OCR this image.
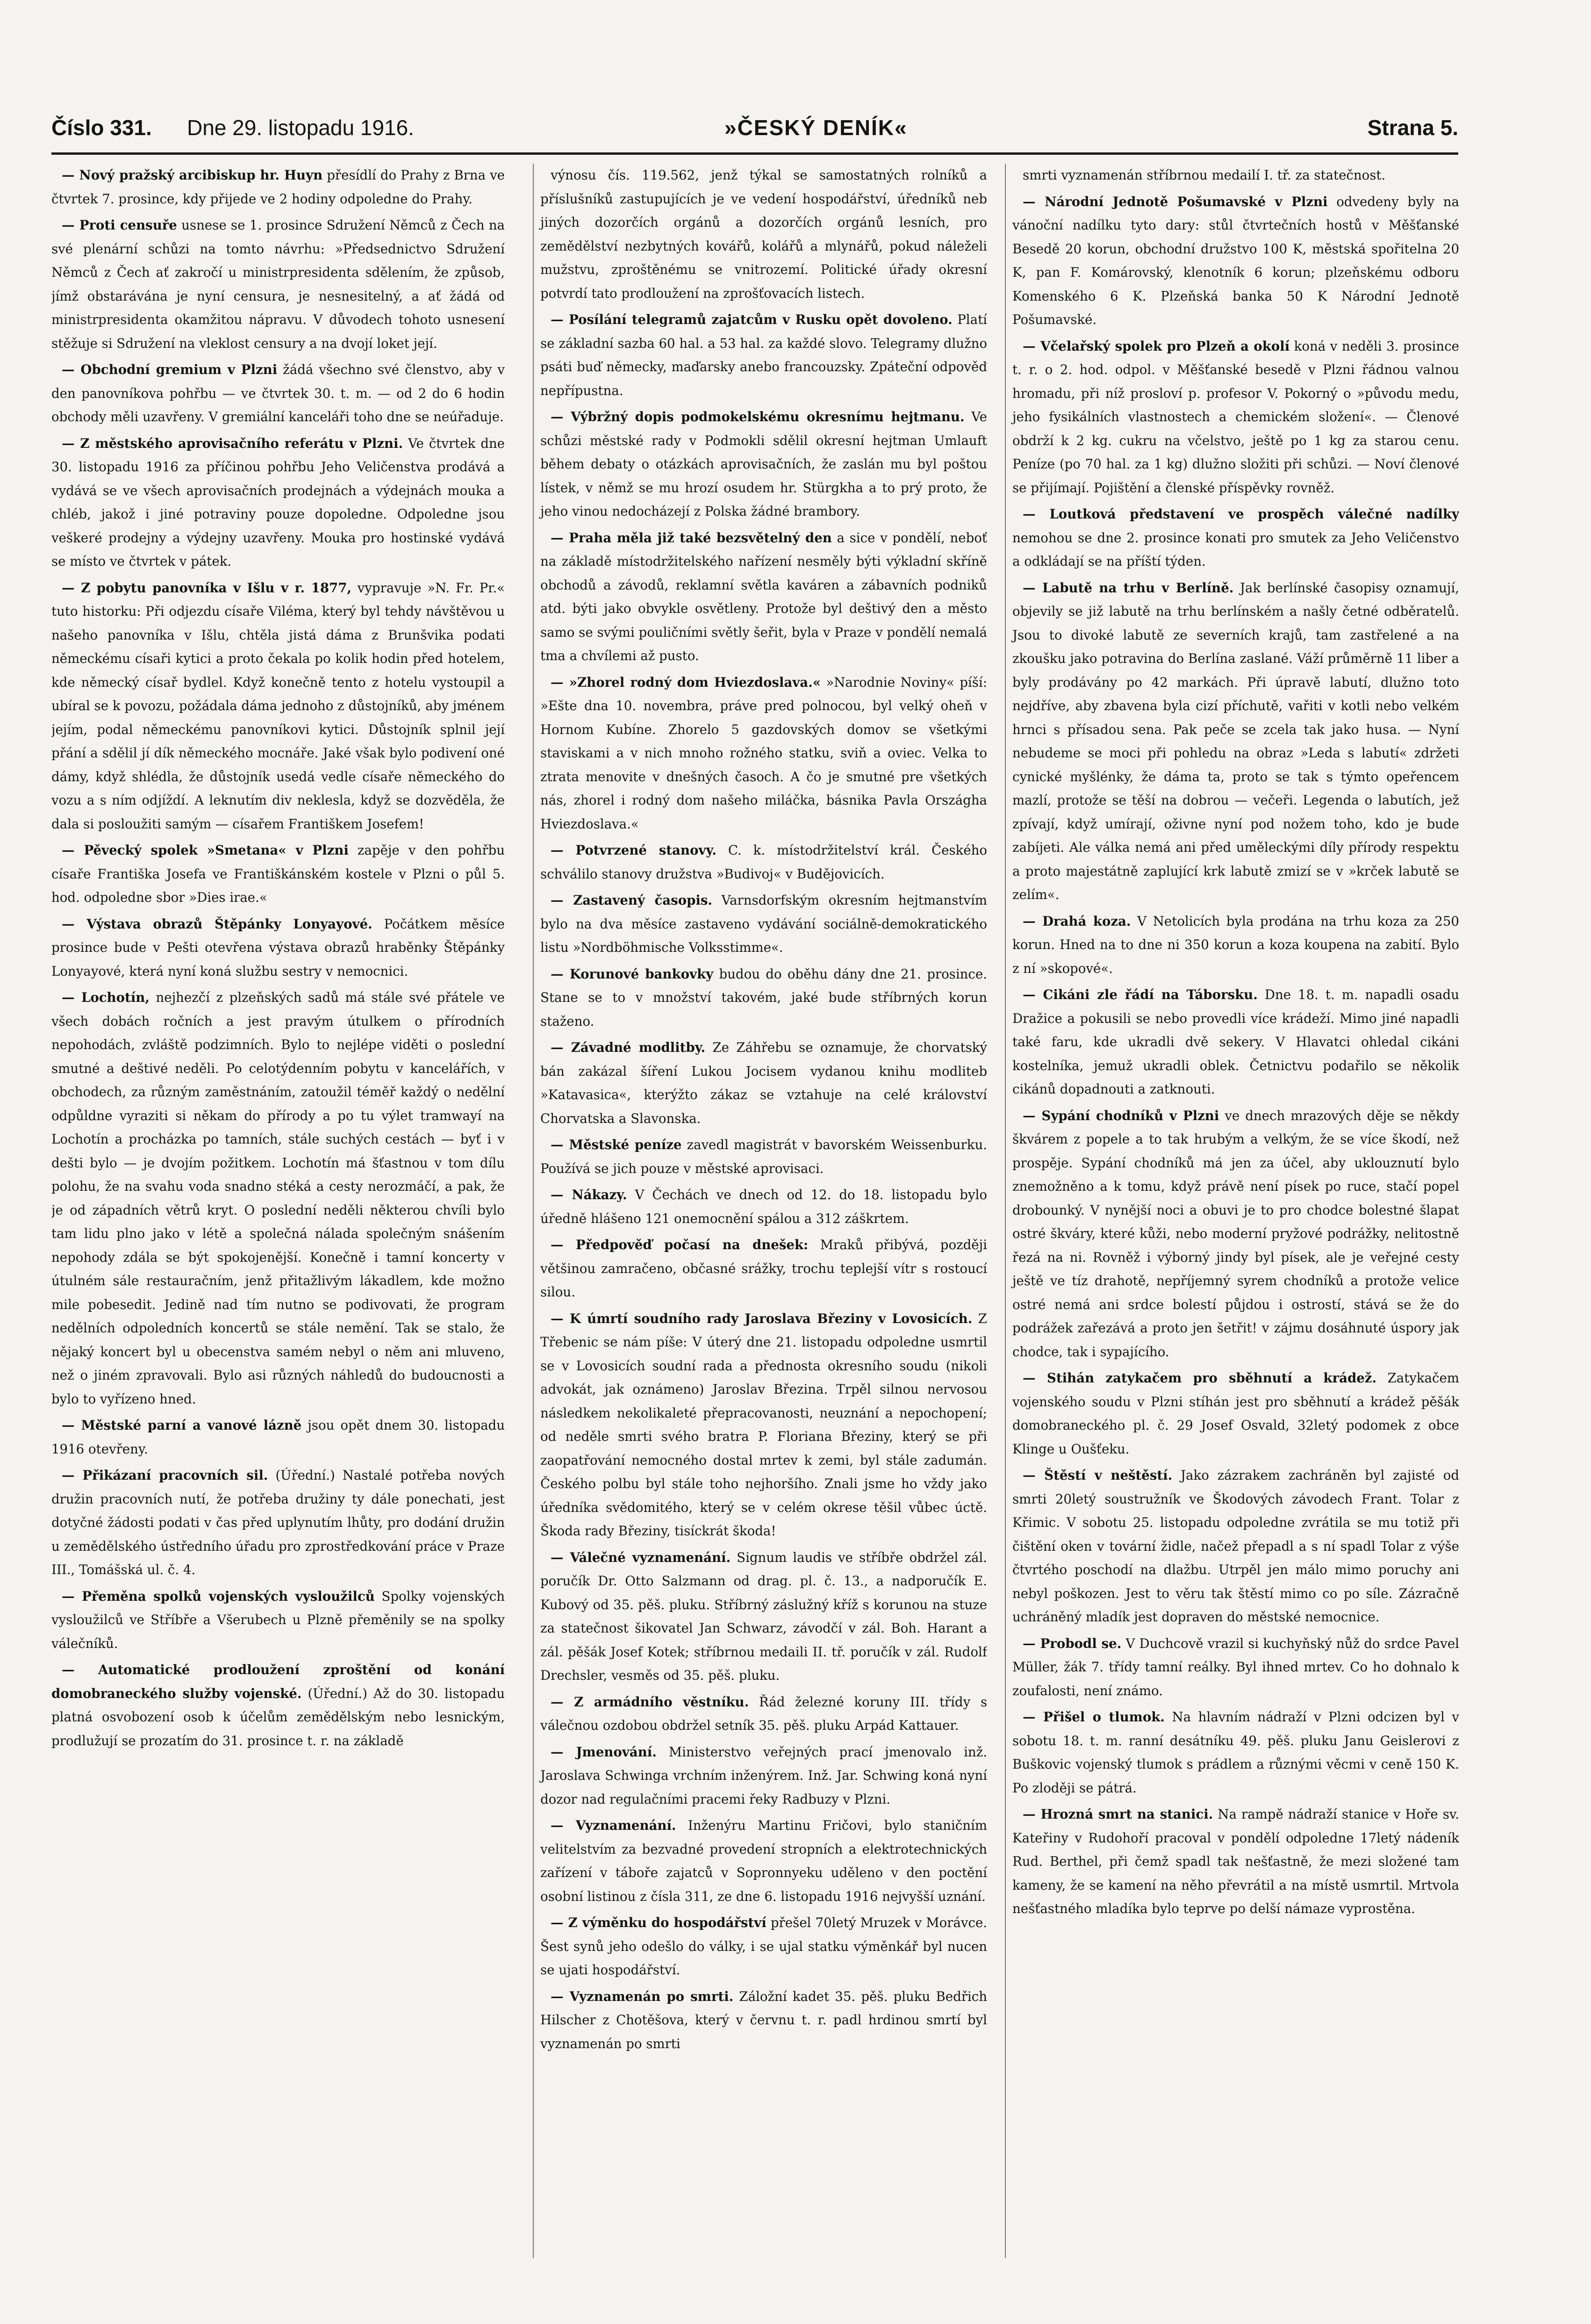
Číslo 331. Dne 29. listopadu 1916.	»ČESKÝ DENÍK«	Strana 5.

— Nový pražský arcibiskup hr. Huyn přesídlí do Prahy z Brna ve čtvrtek 7. prosince, kdy přijede ve 2 hodiny odpoledne do Prahy.

— Proti censuře usnese se 1. prosince Sdružení Němců z Čech na své plenární schůzi na tomto návrhu: »Předsednictvo Sdružení Němců z Čech ať zakročí u ministrpresidenta sdělením, že způsob, jímž obstarávána je nyní censura, je nesnesitelný, a ať žádá od ministrpresidenta okamžitou nápravu. V důvodech tohoto usnesení stěžuje si Sdružení na vleklost censury a na dvojí loket její.

— Obchodní gremium v Plzni žádá všechno své členstvo, aby v den panovníkova pohřbu — ve čtvrtek 30. t. m. — od 2 do 6 hodin obchody měli uzavřeny. V gremiální kanceláři toho dne se neúřaduje.

— Z městského aprovisačního referátu v Plzni. Ve čtvrtek dne 30. listopadu 1916 za příčinou pohřbu Jeho Veličenstva prodává a vydává se ve všech aprovisačních prodejnách a výdejnách mouka a chléb, jakož i jiné potraviny pouze dopoledne. Odpoledne jsou veškeré prodejny a výdejny uzavřeny. Mouka pro hostinské vydává se místo ve čtvrtek v pátek.

— Z pobytu panovníka v Išlu v r. 1877, vypravuje »N. Fr. Pr.« tuto historku: Při odjezdu císaře Viléma, který byl tehdy návštěvou u našeho panovníka v Išlu, chtěla jistá dáma z Brunšvika podati německému císaři kytici a proto čekala po kolik hodin před hotelem, kde německý císař bydlel. Když konečně tento z hotelu vystoupil a ubíral se k povozu, požádala dáma jednoho z důstojníků, aby jménem jejím, podal německému panovníkovi kytici. Důstojník splnil její přání a sdělil jí dík německého mocnáře. Jaké však bylo podivení oné dámy, když shlédla, že důstojník usedá vedle císaře německého do vozu a s ním odjíždí. A leknutím div neklesla, když se dozvěděla, že dala si posloužiti samým — císařem Františkem Josefem!

— Pěvecký spolek »Smetana« v Plzni zapěje v den pohřbu císaře Františka Josefa ve Františkánském kostele v Plzni o půl 5. hod. odpoledne sbor »Dies irae.«

— Výstava obrazů Štěpánky Lonyayové. Počátkem měsíce prosince bude v Pešti otevřena výstava obrazů hraběnky Štěpánky Lonyayové, která nyní koná službu sestry v nemocnici.

— Lochotín, nejhezčí z plzeňských sadů má stále své přátele ve všech dobách ročních a jest pravým útulkem o přírodních nepohodách, zvláště podzimních. Bylo to nejlépe viděti o poslední smutné a deštivé neděli. Po celotýdenním pobytu v kancelářích, v obchodech, za různým zaměstnáním, zatoužil téměř každý o nedělní odpůldne vyraziti si někam do přírody a po tu výlet tramwayí na Lochotín a procházka po tamních, stále suchých cestách — byť i v dešti bylo — je dvojím požitkem. Lochotín má šťastnou v tom dílu polohu, že na svahu voda snadno stéká a cesty nerozmáčí, a pak, že je od západních větrů kryt. O poslední neděli některou chvíli bylo tam lidu plno jako v létě a společná nálada společným snášením nepohody zdála se být spokojenější. Konečně i tamní koncerty v útulném sále restauračním, jenž přitažlivým lákadlem, kde možno mile pobesedit. Jedině nad tím nutno se podivovati, že program nedělních odpoledních koncertů se stále nemění. Tak se stalo, že nějaký koncert byl u obecenstva samém nebyl o něm ani mluveno, než o jiném zpravovali. Bylo asi různých náhledů do budoucnosti a bylo to vyřízeno hned.

— Městské parní a vanové lázně jsou opět dnem 30. listopadu 1916 otevřeny.

— Přikázaní pracovních sil. (Úřední.) Nastalé potřeba nových družin pracovních nutí, že potřeba družiny ty dále ponechati, jest dotyčné žádosti podati v čas před uplynutím lhůty, pro dodání družin u zemědělského ústředního úřadu pro zprostředkování práce v Praze III., Tomášská ul. č. 4.

— Přeměna spolků vojenských vysloužilců Spolky vojenských vysloužilců ve Stříbře a Všerubech u Plzně přeměnily se na spolky válečníků.

— Automatické prodloužení zproštění od konání domobraneckého služby vojenské. (Úřední.) Až do 30. listopadu platná osvobození osob k účelům zemědělským nebo lesnickým, prodlužují se prozatím do 31. prosince t. r. na základě

výnosu čís. 119.562, jenž týkal se samostatných rolníků a příslušníků zastupujících je ve vedení hospodářství, úředníků neb jiných dozorčích orgánů a dozorčích orgánů lesních, pro zemědělství nezbytných kovářů, kolářů a mlynářů, pokud náleželi mužstvu, zproštěnému se vnitrozemí. Politické úřady okresní potvrdí tato prodloužení na zprošťovacích listech.

— Posílání telegramů zajatcům v Rusku opět dovoleno. Platí se základní sazba 60 hal. a 53 hal. za každé slovo. Telegramy dlužno psáti buď německy, maďarsky anebo francouzsky. Zpáteční odpověď nepřípustna.

— Výbržný dopis podmokelskému okresnímu hejtmanu. Ve schůzi městské rady v Podmokli sdělil okresní hejtman Umlauft během debaty o otázkách aprovisačních, že zaslán mu byl poštou lístek, v němž se mu hrozí osudem hr. Stürgkha a to prý proto, že jeho vinou nedocházejí z Polska žádné brambory.

— Praha měla již také bezsvětelný den a sice v pondělí, neboť na základě místodržitelského nařízení nesměly býti výkladní skříně obchodů a závodů, reklamní světla kaváren a zábavních podniků atd. býti jako obvykle osvětleny. Protože byl deštivý den a město samo se svými pouličními světly šeřit, byla v Praze v pondělí nemalá tma a chvílemi až pusto.

— »Zhorel rodný dom Hviezdoslava.« »Narodnie Noviny« píší: »Ešte dna 10. novembra, práve pred polnocou, byl velký oheň v Hornom Kubíne. Zhorelo 5 gazdovských domov se všetkými staviskami a v nich mnoho rožného statku, sviň a oviec. Velka to ztrata menovite v dnešných časoch. A čo je smutné pre všetkých nás, zhorel i rodný dom našeho miláčka, básnika Pavla Országha Hviezdoslava.«

— Potvrzené stanovy. C. k. místodržitelství král. Českého schválilo stanovy družstva »Budivoj« v Budějovicích.

— Zastavený časopis. Varnsdorfským okresním hejtmanstvím bylo na dva měsíce zastaveno vydávání sociálně-demokratického listu »Nordböhmische Volksstimme«.

— Korunové bankovky budou do oběhu dány dne 21. prosince. Stane se to v množství takovém, jaké bude stříbrných korun staženo.

— Závadné modlitby. Ze Záhřebu se oznamuje, že chorvatský bán zakázal šíření Lukou Jocisem vydanou knihu modliteb »Katavasica«, kterýžto zákaz se vztahuje na celé království Chorvatska a Slavonska.

— Městské peníze zavedl magistrát v bavorském Weissenburku. Používá se jich pouze v městské aprovisaci.

— Nákazy. V Čechách ve dnech od 12. do 18. listopadu bylo úředně hlášeno 121 onemocnění spálou a 312 záškrtem.

— Předpověď počasí na dnešek: Mraků přibývá, později většinou zamračeno, občasné srážky, trochu teplejší vítr s rostoucí silou.

— K úmrtí soudního rady Jaroslava Březiny v Lovosicích. Z Třebenic se nám píše: V úterý dne 21. listopadu odpoledne usmrtil se v Lovosicích soudní rada a přednosta okresního soudu (nikoli advokát, jak oznámeno) Jaroslav Březina. Trpěl silnou nervosou následkem nekolikaleté přepracovanosti, neuznání a nepochopení; od neděle smrti svého bratra P. Floriana Březiny, který se při zaopatřování nemocného dostal mrtev k zemi, byl stále zadumán. Českého polbu byl stále toho nejhoršího. Znali jsme ho vždy jako úředníka svědomitého, který se v celém okrese těšil vůbec úctě. Škoda rady Březiny, tisíckrát škoda!

— Válečné vyznamenání. Signum laudis ve stříbře obdržel zál. poručík Dr. Otto Salzmann od drag. pl. č. 13., a nadporučík E. Kubový od 35. pěš. pluku. Stříbrný záslužný kříž s korunou na stuze za statečnost šikovatel Jan Schwarz, závodčí v zál. Boh. Harant a zál. pěšák Josef Kotek; stříbrnou medaili II. tř. poručík v zál. Rudolf Drechsler, vesměs od 35. pěš. pluku.

— Z armádního věstníku. Řád železné koruny III. třídy s válečnou ozdobou obdržel setník 35. pěš. pluku Arpád Kattauer.

— Jmenování. Ministerstvo veřejných prací jmenovalo inž. Jaroslava Schwinga vrchním inženýrem. Inž. Jar. Schwing koná nyní dozor nad regulačními pracemi řeky Radbuzy v Plzni.

— Vyznamenání. Inženýru Martinu Fričovi, bylo staničním velitelstvím za bezvadné provedení stropních a elektrotechnických zařízení v táboře zajatců v Sopronnyeku uděleno v den poctění osobní listinou z čísla 311, ze dne 6. listopadu 1916 nejvyšší uznání.

— Z výměnku do hospodářství přešel 70letý Mruzek v Morávce. Šest synů jeho odešlo do války, i se ujal statku výměnkář byl nucen se ujati hospodářství.

— Vyznamenán po smrti. Záložní kadet 35. pěš. pluku Bedřich Hilscher z Chotěšova, který v červnu t. r. padl hrdinou smrtí byl vyznamenán po smrti

smrti vyznamenán stříbrnou medailí I. tř. za statečnost.

— Národní Jednotě Pošumavské v Plzni odvedeny byly na vánoční nadílku tyto dary: stůl čtvrtečních hostů v Měšťanské Besedě 20 korun, obchodní družstvo 100 K, městská spořitelna 20 K, pan F. Komárovský, klenotník 6 korun; plzeňskému odboru Komenského 6 K. Plzeňská banka 50 K Národní Jednotě Pošumavské.

— Včelařský spolek pro Plzeň a okolí koná v neděli 3. prosince t. r. o 2. hod. odpol. v Měšťanské besedě v Plzni řádnou valnou hromadu, při níž prosloví p. profesor V. Pokorný o »původu medu, jeho fysikálních vlastnostech a chemickém složení«. — Členové obdrží k 2 kg. cukru na včelstvo, ještě po 1 kg za starou cenu. Peníze (po 70 hal. za 1 kg) dlužno složiti při schůzi. — Noví členové se přijímají. Pojištění a členské příspěvky rovněž.

— Loutková představení ve prospěch válečné nadílky nemohou se dne 2. prosince konati pro smutek za Jeho Veličenstvo a odkládají se na příští týden.

— Labutě na trhu v Berlíně. Jak berlínské časopisy oznamují, objevily se již labutě na trhu berlínském a našly četné odběratelů. Jsou to divoké labutě ze severních krajů, tam zastřelené a na zkoušku jako potravina do Berlína zaslané. Váží průměrně 11 liber a byly prodávány po 42 markách. Při úpravě labutí, dlužno toto nejdříve, aby zbavena byla cizí příchutě, vařiti v kotli nebo velkém hrnci s přísadou sena. Pak peče se zcela tak jako husa. — Nyní nebudeme se moci při pohledu na obraz »Leda s labutí« zdržeti cynické myšlénky, že dáma ta, proto se tak s týmto opeřencem mazlí, protože se těší na dobrou — večeři. Legenda o labutích, jež zpívají, když umírají, oživne nyní pod nožem toho, kdo je bude zabíjeti. Ale válka nemá ani před uměleckými díly přírody respektu a proto majestátně zaplující krk labutě zmizí se v »krček labutě se zelím«.

— Drahá koza. V Netolicích byla prodána na trhu koza za 250 korun. Hned na to dne ni 350 korun a koza koupena na zabití. Bylo z ní »skopové«.

— Cikáni zle řádí na Táborsku. Dne 18. t. m. napadli osadu Dražice a pokusili se nebo provedli více krádeží. Mimo jiné napadli také faru, kde ukradli dvě sekery. V Hlavatci ohledal cikáni kostelníka, jemuž ukradli oblek. Četnictvu podařilo se několik cikánů dopadnouti a zatknouti.

— Sypání chodníků v Plzni ve dnech mrazových děje se někdy škvárem z popele a to tak hrubým a velkým, že se více škodí, než prospěje. Sypání chodníků má jen za účel, aby uklouznutí bylo znemožněno a k tomu, když právě není písek po ruce, stačí popel drobounký. V nynější noci a obuvi je to pro chodce bolestné šlapat ostré škváry, které kůži, nebo moderní pryžové podrážky, nelitostně řezá na ni. Rovněž i výborný jindy byl písek, ale je veřejné cesty ještě ve tíz drahotě, nepříjemný syrem chodníků a protože velice ostré nemá ani srdce bolestí půjdou i ostrostí, stává se že do podrážek zařezává a proto jen šetřit! v zájmu dosáhnuté úspory jak chodce, tak i sypajícího.

— Stihán zatykačem pro sběhnutí a krádež. Zatykačem vojenského soudu v Plzni stíhán jest pro sběhnutí a krádež pěšák domobraneckého pl. č. 29 Josef Osvald, 32letý podomek z obce Klinge u Oušťeku.

— Štěstí v neštěstí. Jako zázrakem zachráněn byl zajisté od smrti 20letý soustružník ve Škodových závodech Frant. Tolar z Křimic. V sobotu 25. listopadu odpoledne zvrátila se mu totiž při čištění oken v tovární židle, načež přepadl a s ní spadl Tolar z výše čtvrtého poschodí na dlažbu. Utrpěl jen málo mimo poruchy ani nebyl poškozen. Jest to věru tak štěstí mimo co po síle. Zázračně uchráněný mladík jest dopraven do městské nemocnice.

— Probodl se. V Duchcově vrazil si kuchyňský nůž do srdce Pavel Müller, žák 7. třídy tamní reálky. Byl ihned mrtev. Co ho dohnalo k zoufalosti, není známo.

— Přišel o tlumok. Na hlavním nádraží v Plzni odcizen byl v sobotu 18. t. m. ranní desátníku 49. pěš. pluku Janu Geislerovi z Buškovic vojenský tlumok s prádlem a různými věcmi v ceně 150 K. Po zloději se pátrá.

— Hrozná smrt na stanici. Na rampě nádraží stanice v Hoře sv. Kateřiny v Rudohoří pracoval v pondělí odpoledne 17letý nádeník Rud. Berthel, při čemž spadl tak nešťastně, že mezi složené tam kameny, že se kamení na něho převrátil a na místě usmrtil. Mrtvola nešťastného mladíka bylo teprve po delší námaze vyprostěna.
